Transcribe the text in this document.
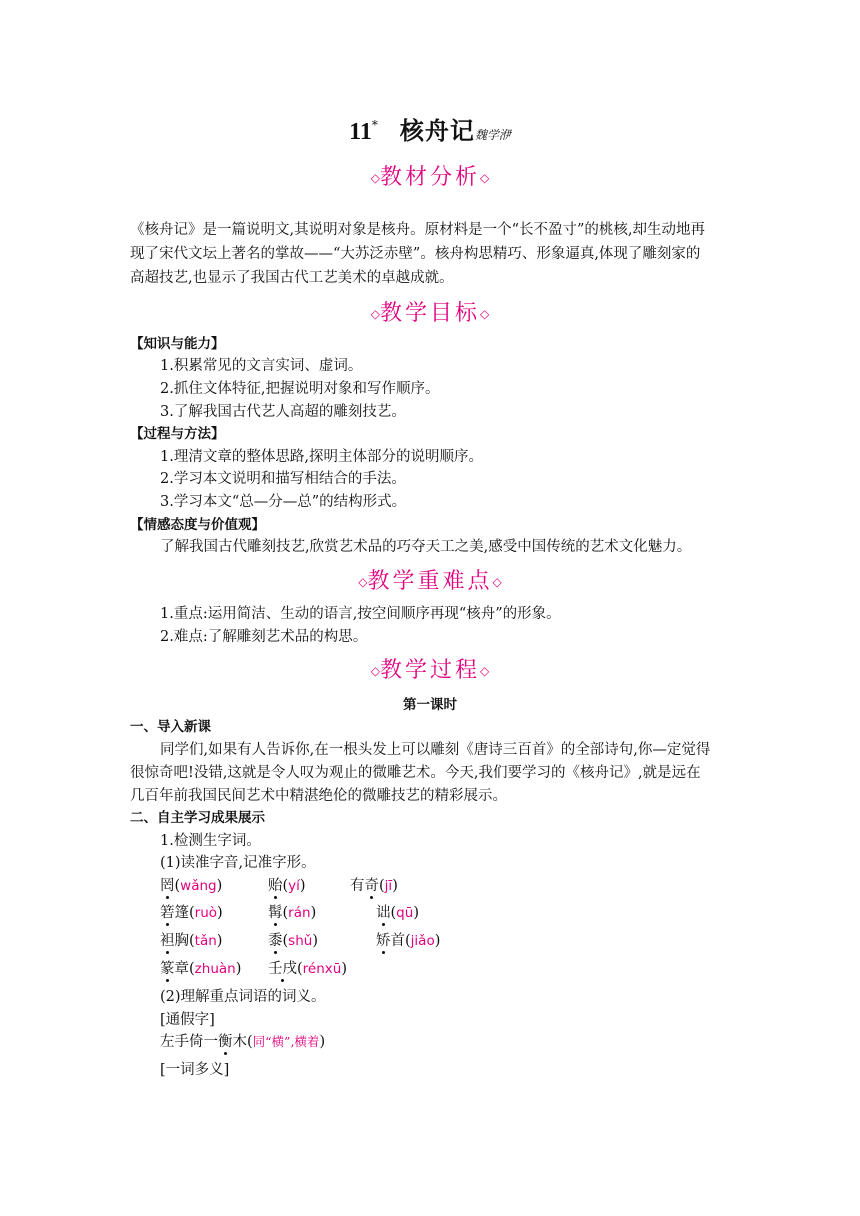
11* 核舟记魏学洢
◇教材分析◇
《核舟记》是一篇说明文,其说明对象是核舟。原材料是一个“长不盈寸”的桃核,却生动地再
现了宋代文坛上著名的掌故——“大苏泛赤壁”。核舟构思精巧、形象逼真,体现了雕刻家的
高超技艺,也显示了我国古代工艺美术的卓越成就。
◇教学目标◇
【知识与能力】
1.积累常见的文言实词、虚词。
2.抓住文体特征,把握说明对象和写作顺序。
3.了解我国古代艺人高超的雕刻技艺。
【过程与方法】
1.理清文章的整体思路,探明主体部分的说明顺序。
2.学习本文说明和描写相结合的手法。
3.学习本文“总—分—总”的结构形式。
【情感态度与价值观】
了解我国古代雕刻技艺,欣赏艺术品的巧夺天工之美,感受中国传统的艺术文化魅力。
◇教学重难点◇
1.重点:运用简洁、生动的语言,按空间顺序再现“核舟”的形象。
2.难点:了解雕刻艺术品的构思。
◇教学过程◇
第一课时
一、导入新课
同学们,如果有人告诉你,在一根头发上可以雕刻《唐诗三百首》的全部诗句,你—定觉得
很惊奇吧!没错,这就是令人叹为观止的微雕艺术。今天,我们要学习的《核舟记》,就是远在
几百年前我国民间艺术中精湛绝伦的微雕技艺的精彩展示。
二、自主学习成果展示
1.检测生字词。
(1)读准字音,记准字形。
罔(wǎng)	贻(yí)	有奇(jī)
箬篷(ruò)	髯(rán)	诎(qū)
袒胸(tǎn)	黍(shǔ)	矫首(jiǎo)
篆章(zhuàn) 壬戌(rénxū)
(2)理解重点词语的词义。
[通假字]
左手倚一衡木(同“横”,横着)
[一词多义]
